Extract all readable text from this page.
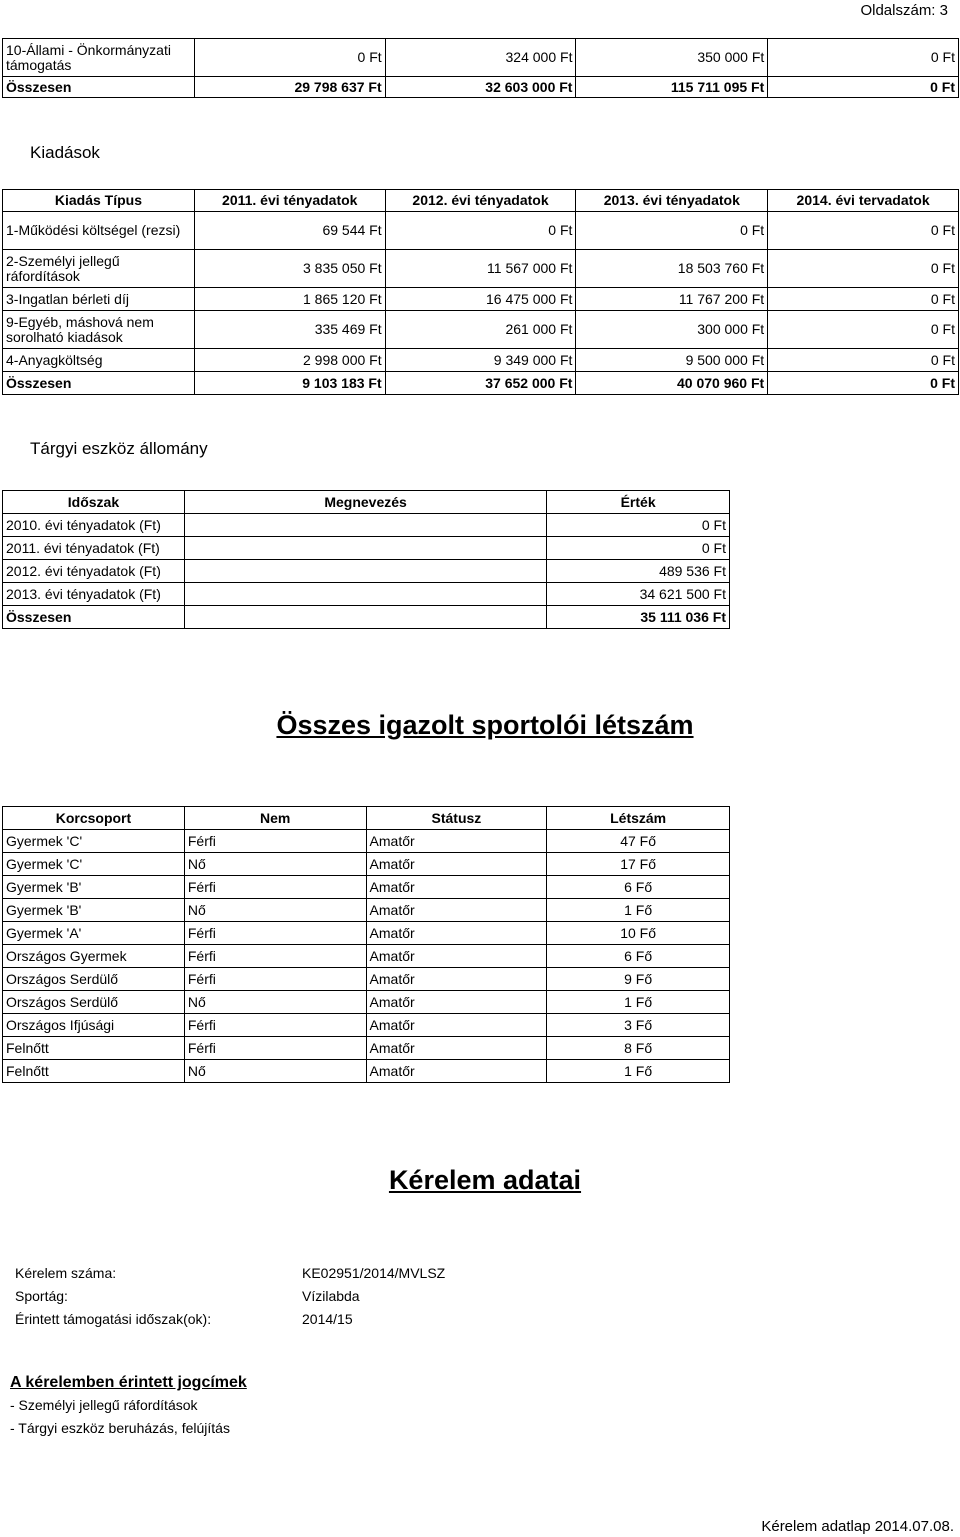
Oldalszám: 3
10-Állami - Önkormányzati támogatás	0 Ft	324 000 Ft	350 000 Ft	0 Ft
Összesen	29 798 637 Ft	32 603 000 Ft	115 711 095 Ft	0 Ft
Kiadások
Kiadás Típus	2011. évi tényadatok	2012. évi tényadatok	2013. évi tényadatok	2014. évi tervadatok
1-Működési költségel (rezsi)	69 544 Ft	0 Ft	0 Ft	0 Ft
2-Személyi jellegű ráfordítások	3 835 050 Ft	11 567 000 Ft	18 503 760 Ft	0 Ft
3-Ingatlan bérleti díj	1 865 120 Ft	16 475 000 Ft	11 767 200 Ft	0 Ft
9-Egyéb, máshová nem sorolható kiadások	335 469 Ft	261 000 Ft	300 000 Ft	0 Ft
4-Anyagköltség	2 998 000 Ft	9 349 000 Ft	9 500 000 Ft	0 Ft
Összesen	9 103 183 Ft	37 652 000 Ft	40 070 960 Ft	0 Ft
Tárgyi eszköz állomány
Időszak	Megnevezés	Érték
2010. évi tényadatok (Ft)		0 Ft
2011. évi tényadatok (Ft)		0 Ft
2012. évi tényadatok (Ft)		489 536 Ft
2013. évi tényadatok (Ft)		34 621 500 Ft
Összesen		35 111 036 Ft
Összes igazolt sportolói létszám
Korcsoport	Nem	Státusz	Létszám
Gyermek 'C'	Férfi	Amatőr	47 Fő
Gyermek 'C'	Nő	Amatőr	17 Fő
Gyermek 'B'	Férfi	Amatőr	6 Fő
Gyermek 'B'	Nő	Amatőr	1 Fő
Gyermek 'A'	Férfi	Amatőr	10 Fő
Országos Gyermek	Férfi	Amatőr	6 Fő
Országos Serdülő	Férfi	Amatőr	9 Fő
Országos Serdülő	Nő	Amatőr	1 Fő
Országos Ifjúsági	Férfi	Amatőr	3 Fő
Felnőtt	Férfi	Amatőr	8 Fő
Felnőtt	Nő	Amatőr	1 Fő
Kérelem adatai
Kérelem száma:	KE02951/2014/MVLSZ
Sportág:	Vízilabda
Érintett támogatási időszak(ok):	2014/15
A kérelemben érintett jogcímek
- Személyi jellegű ráfordítások
- Tárgyi eszköz beruházás, felújítás
Kérelem adatlap 2014.07.08.
